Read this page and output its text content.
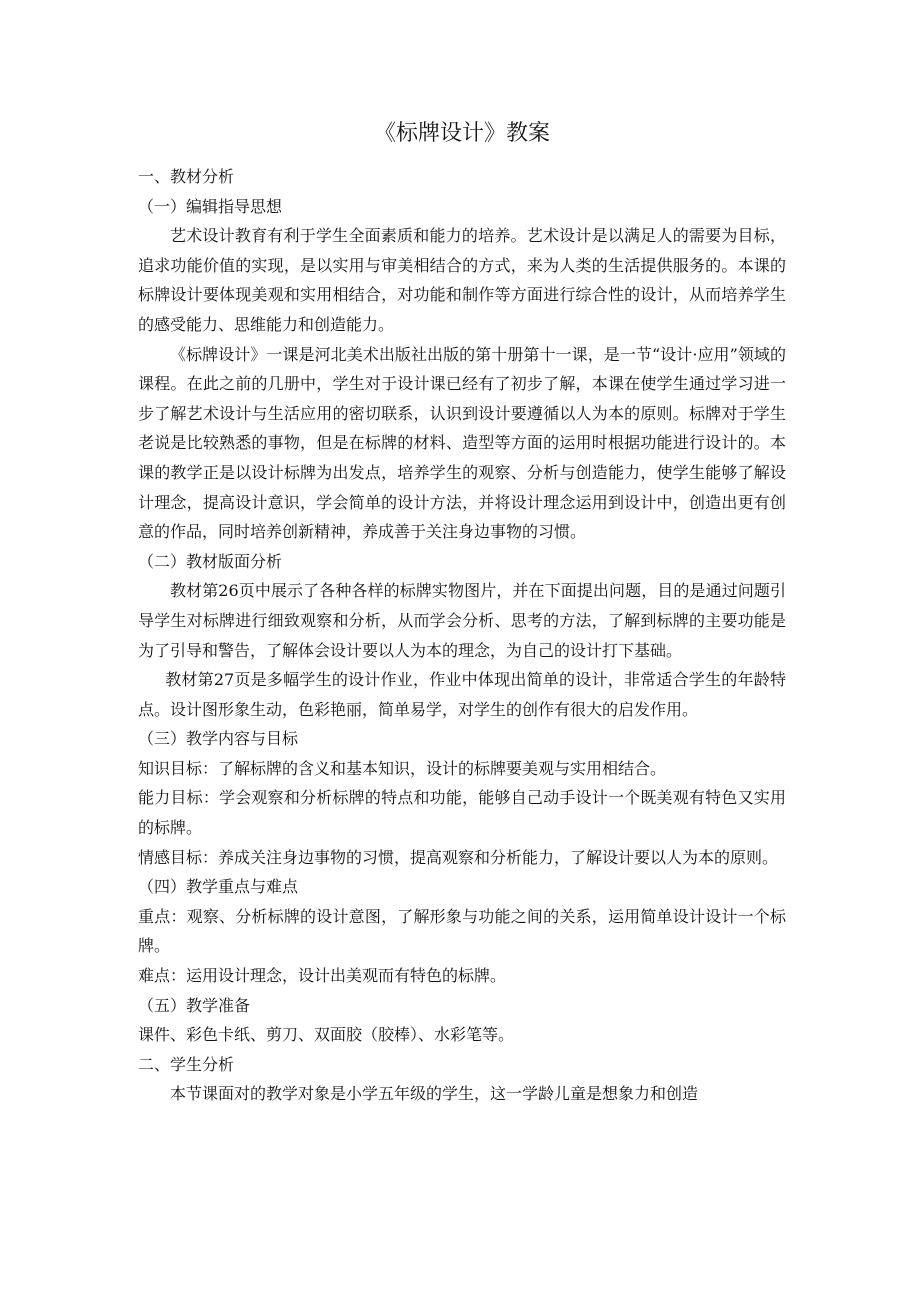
《标牌设计》教案

一、教材分析

（一）编辑指导思想

艺术设计教育有利于学生全面素质和能力的培养。艺术设计是以满足人的需要为目标，追求功能价值的实现，是以实用与审美相结合的方式，来为人类的生活提供服务的。本课的标牌设计要体现美观和实用相结合，对功能和制作等方面进行综合性的设计，从而培养学生的感受能力、思维能力和创造能力。

《标牌设计》一课是河北美术出版社出版的第十册第十一课，是一节“设计·应用”领域的课程。在此之前的几册中，学生对于设计课已经有了初步了解，本课在使学生通过学习进一步了解艺术设计与生活应用的密切联系，认识到设计要遵循以人为本的原则。标牌对于学生老说是比较熟悉的事物，但是在标牌的材料、造型等方面的运用时根据功能进行设计的。本课的教学正是以设计标牌为出发点，培养学生的观察、分析与创造能力，使学生能够了解设计理念，提高设计意识，学会简单的设计方法，并将设计理念运用到设计中，创造出更有创意的作品，同时培养创新精神，养成善于关注身边事物的习惯。

（二）教材版面分析

教材第26页中展示了各种各样的标牌实物图片，并在下面提出问题，目的是通过问题引导学生对标牌进行细致观察和分析，从而学会分析、思考的方法，了解到标牌的主要功能是为了引导和警告，了解体会设计要以人为本的理念，为自己的设计打下基础。

教材第27页是多幅学生的设计作业，作业中体现出简单的设计，非常适合学生的年龄特点。设计图形象生动，色彩艳丽，简单易学，对学生的创作有很大的启发作用。

（三）教学内容与目标

知识目标：了解标牌的含义和基本知识，设计的标牌要美观与实用相结合。

能力目标：学会观察和分析标牌的特点和功能，能够自己动手设计一个既美观有特色又实用的标牌。

情感目标：养成关注身边事物的习惯，提高观察和分析能力，了解设计要以人为本的原则。

（四）教学重点与难点

重点：观察、分析标牌的设计意图，了解形象与功能之间的关系，运用简单设计设计一个标牌。

难点：运用设计理念，设计出美观而有特色的标牌。

（五）教学准备

课件、彩色卡纸、剪刀、双面胶（胶棒）、水彩笔等。

二、学生分析

本节课面对的教学对象是小学五年级的学生，这一学龄儿童是想象力和创造
